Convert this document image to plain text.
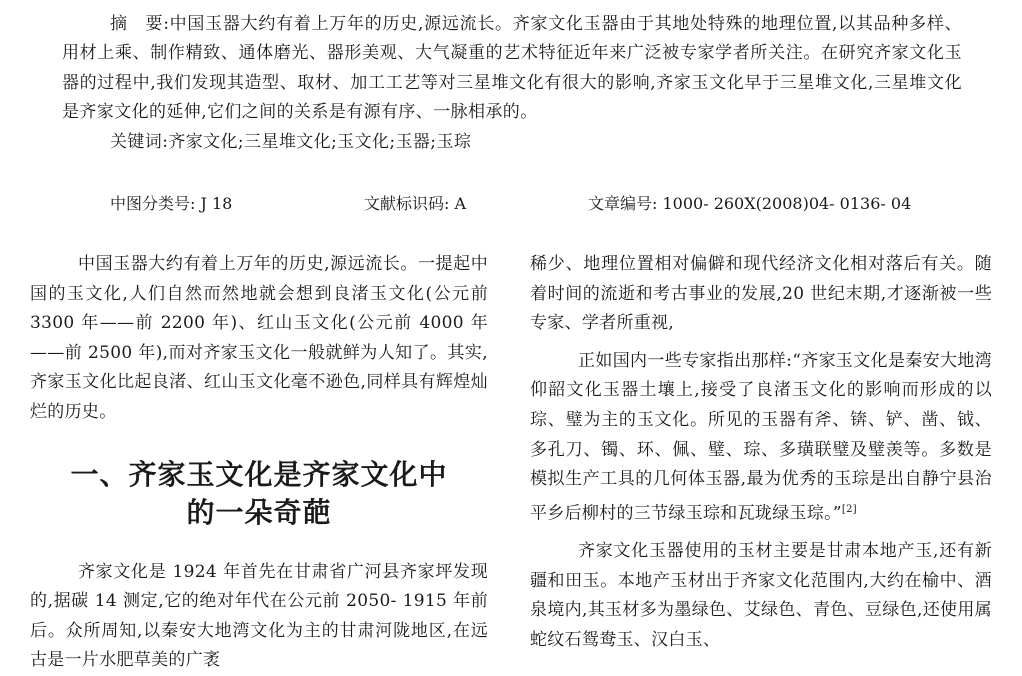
摘　要:中国玉器大约有着上万年的历史,源远流长。齐家文化玉器由于其地处特殊的地理位置,以其品种多样、用材上乘、制作精致、通体磨光、器形美观、大气凝重的艺术特征近年来广泛被专家学者所关注。在研究齐家文化玉器的过程中,我们发现其造型、取材、加工工艺等对三星堆文化有很大的影响,齐家玉文化早于三星堆文化,三星堆文化是齐家文化的延伸,它们之间的关系是有源有序、一脉相承的。

关键词:齐家文化;三星堆文化;玉文化;玉器;玉琮

中图分类号: J 18	文献标识码: A	文章编号: 1000- 260X(2008)04- 0136- 04

中国玉器大约有着上万年的历史,源远流长。一提起中国的玉文化,人们自然而然地就会想到良渚玉文化(公元前 3300 年——前 2200 年)、红山玉文化(公元前 4000 年——前 2500 年),而对齐家玉文化一般就鲜为人知了。其实,齐家玉文化比起良渚、红山玉文化毫不逊色,同样具有辉煌灿烂的历史。

一、齐家玉文化是齐家文化中
的一朵奇葩

齐家文化是 1924 年首先在甘肃省广河县齐家坪发现的,据碳 14 测定,它的绝对年代在公元前 2050- 1915 年前后。众所周知,以秦安大地湾文化为主的甘肃河陇地区,在远古是一片水肥草美的广袤

稀少、地理位置相对偏僻和现代经济文化相对落后有关。随着时间的流逝和考古事业的发展,20 世纪末期,才逐渐被一些专家、学者所重视,

正如国内一些专家指出那样:“齐家玉文化是秦安大地湾仰韶文化玉器土壤上,接受了良渚玉文化的影响而形成的以琮、璧为主的玉文化。所见的玉器有斧、锛、铲、凿、钺、多孔刀、镯、环、佩、璧、琮、多璜联璧及璧羡等。多数是模拟生产工具的几何体玉器,最为优秀的玉琮是出自静宁县治平乡后柳村的三节绿玉琮和瓦珑绿玉琮。”[2]

齐家文化玉器使用的玉材主要是甘肃本地产玉,还有新疆和田玉。本地产玉材出于齐家文化范围内,大约在榆中、酒泉境内,其玉材多为墨绿色、艾绿色、青色、豆绿色,还使用属蛇纹石鸳鸯玉、汉白玉、
